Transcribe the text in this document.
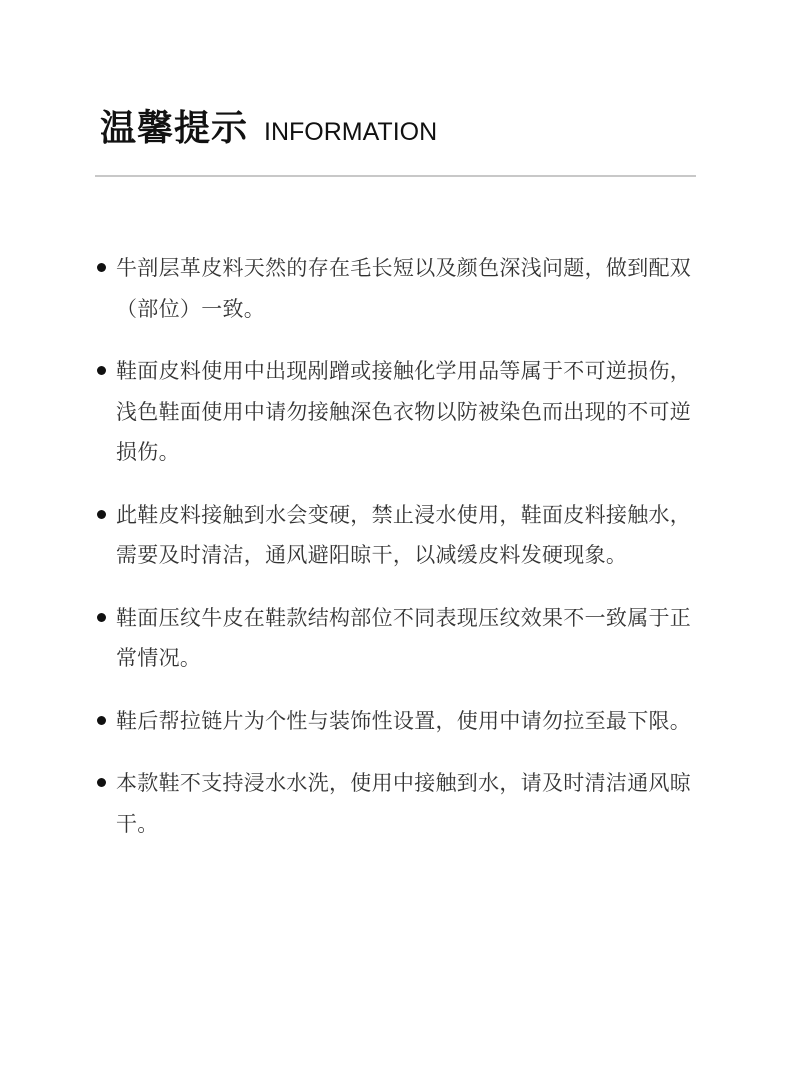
温馨提示 INFORMATION
牛剖层革皮料天然的存在毛长短以及颜色深浅问题，做到配双（部位）一致。
鞋面皮料使用中出现剐蹭或接触化学用品等属于不可逆损伤，浅色鞋面使用中请勿接触深色衣物以防被染色而出现的不可逆损伤。
此鞋皮料接触到水会变硬，禁止浸水使用，鞋面皮料接触水，需要及时清洁，通风避阳晾干，以减缓皮料发硬现象。
鞋面压纹牛皮在鞋款结构部位不同表现压纹效果不一致属于正常情况。
鞋后帮拉链片为个性与装饰性设置，使用中请勿拉至最下限。
本款鞋不支持浸水水洗，使用中接触到水，请及时清洁通风晾干。
